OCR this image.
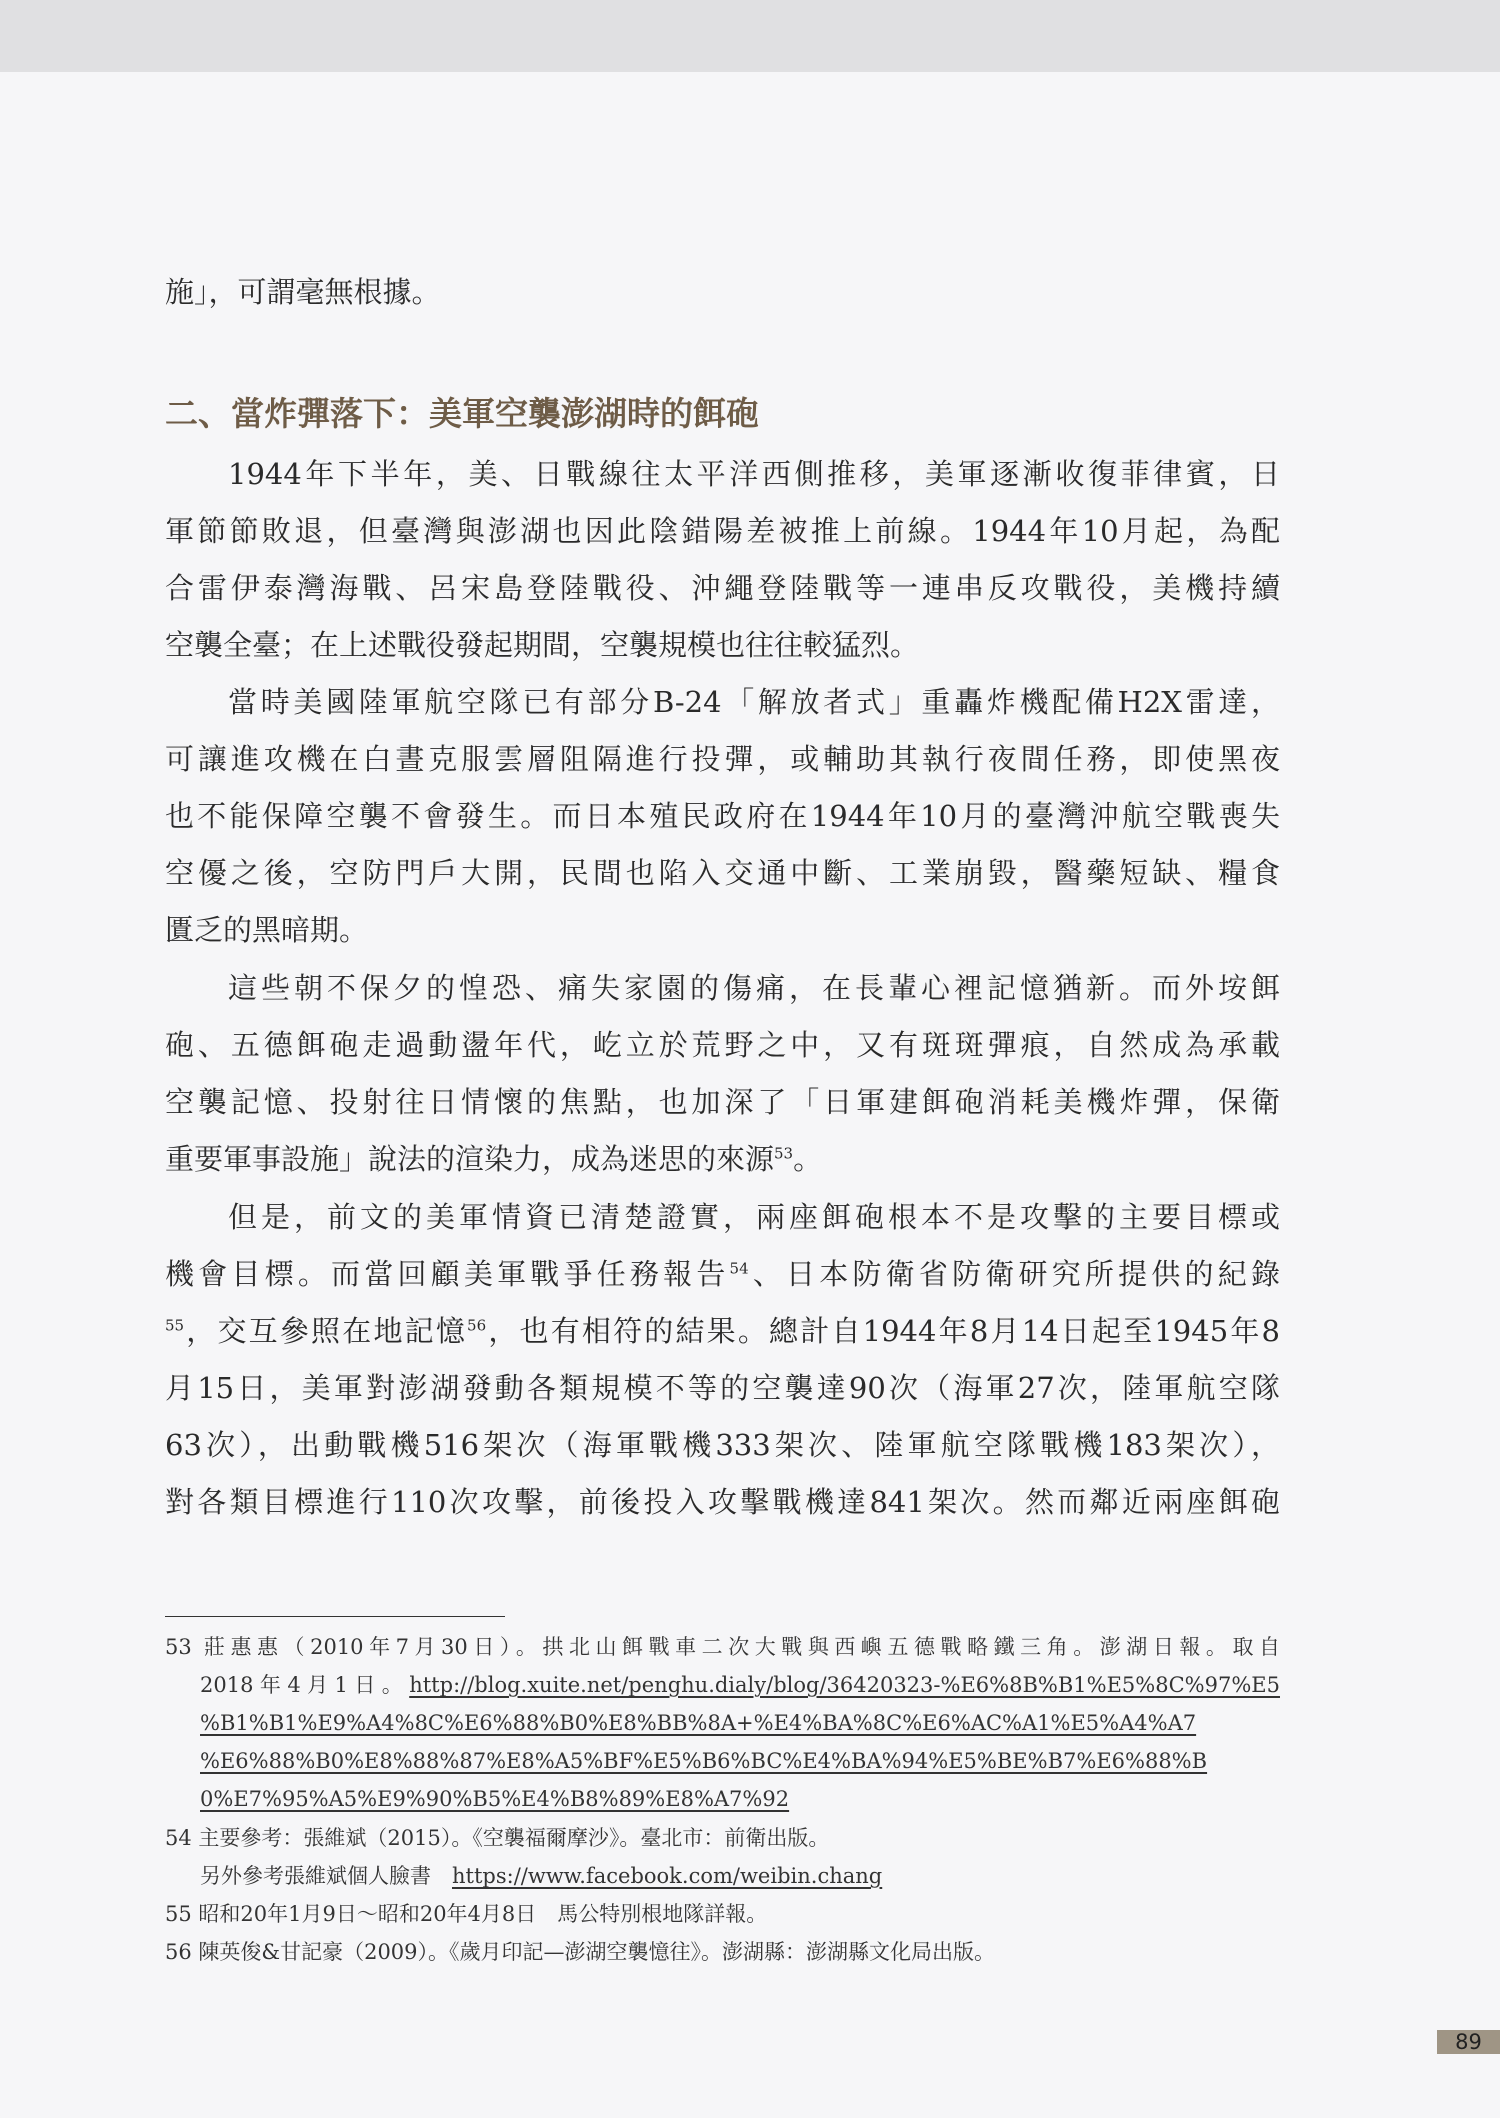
施」，可謂毫無根據。
1944年下半年，美、日戰線往太平洋西側推移，美軍逐漸收復菲律賓，日
軍節節敗退，但臺灣與澎湖也因此陰錯陽差被推上前線。1944年10月起，為配
合雷伊泰灣海戰、呂宋島登陸戰役、沖繩登陸戰等一連串反攻戰役，美機持續
空襲全臺；在上述戰役發起期間，空襲規模也往往較猛烈。
當時美國陸軍航空隊已有部分B-24「解放者式」重轟炸機配備H2X雷達，
可讓進攻機在白晝克服雲層阻隔進行投彈，或輔助其執行夜間任務，即使黑夜
也不能保障空襲不會發生。而日本殖民政府在1944年10月的臺灣沖航空戰喪失
空優之後，空防門戶大開，民間也陷入交通中斷、工業崩毀，醫藥短缺、糧食
匱乏的黑暗期。
這些朝不保夕的惶恐、痛失家園的傷痛，在長輩心裡記憶猶新。而外垵餌
砲、五德餌砲走過動盪年代，屹立於荒野之中，又有斑斑彈痕，自然成為承載
空襲記憶、投射往日情懷的焦點，也加深了「日軍建餌砲消耗美機炸彈，保衛
重要軍事設施」說法的渲染力，成為迷思的來源$^{53}$。
但是，前文的美軍情資已清楚證實，兩座餌砲根本不是攻擊的主要目標或
機會目標。而當回顧美軍戰爭任務報告$^{54}$、日本防衛省防衛研究所提供的紀錄
$^{55}$，交互參照在地記憶$^{56}$，也有相符的結果。總計自1944年8月14日起至1945年8
月15日，美軍對澎湖發動各類規模不等的空襲達90次（海軍27次，陸軍航空隊
63次），出動戰機516架次（海軍戰機333架次、陸軍航空隊戰機183架次），
對各類目標進行110次攻擊，前後投入攻擊戰機達841架次。然而鄰近兩座餌砲
二、當炸彈落下：美軍空襲澎湖時的餌砲
53 莊惠惠（2010年7月30日）。拱北山餌戰車二次大戰與西嶼五德戰略鐵三角。澎湖日報。取自
2018年4月1日。http://blog.xuite.net/penghu.dialy/blog/36420323-%E6%8B%B1%E5%8C%97%E5
%B1%B1%E9%A4%8C%E6%88%B0%E8%BB%8A+%E4%BA%8C%E6%AC%A1%E5%A4%A7
%E6%88%B0%E8%88%87%E8%A5%BF%E5%B6%BC%E4%BA%94%E5%BE%B7%E6%88%B
0%E7%95%A5%E9%90%B5%E4%B8%89%E8%A7%92
54 主要參考：張維斌（2015）。《空襲福爾摩沙》。臺北市：前衛出版。
另外參考張維斌個人臉書　https://www.facebook.com/weibin.chang
55 昭和20年1月9日～昭和20年4月8日　馬公特別根地隊詳報。
56 陳英俊&甘記豪（2009）。《歲月印記—澎湖空襲憶往》。澎湖縣：澎湖縣文化局出版。
89
